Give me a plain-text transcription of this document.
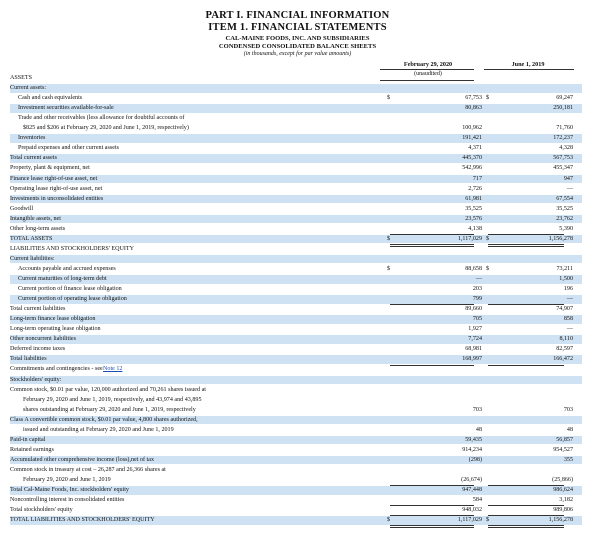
PART I. FINANCIAL INFORMATION
ITEM 1. FINANCIAL STATEMENTS
CAL-MAINE FOODS, INC. AND SUBSIDIARIES
CONDENSED CONSOLIDATED BALANCE SHEETS
(in thousands, except for par value amounts)
February 29, 2020
(unaudited)
June 1, 2019
ASSETS
Current assets:
Cash and cash equivalents	$	67,753 $	69,247
Investment securities available-for-sale	80,863	250,181
Trade and other receivables (less allowance for doubtful accounts of
$825 and $206 at February 29, 2020 and June 1, 2019, respectively)	100,962	71,760
Inventories	191,421	172,237
Prepaid expenses and other current assets	4,371	4,328
Total current assets	445,370	567,753
Property, plant & equipment, net	542,996	455,347
Finance lease right-of-use asset, net	717	947
Operating lease right-of-use asset, net	2,726	—
Investments in unconsolidated entities	61,981	67,554
Goodwill	35,525	35,525
Intangible assets, net	23,576	23,762
Other long-term assets	4,138	5,390
TOTAL ASSETS	$	1,117,029 $	1,156,278
LIABILITIES AND STOCKHOLDERS' EQUITY
Current liabilities:
Accounts payable and accrued expenses	$	88,658 $	73,211
Current maturities of long-term debt	—	1,500
Current portion of finance lease obligation	203	196
Current portion of operating lease obligation	799	—
Total current liabilities	89,660	74,907
Long-term finance lease obligation	705	858
Long-term operating lease obligation	1,927	—
Other noncurrent liabilities	7,724	8,110
Deferred income taxes	68,981	82,597
Total liabilities	168,997	166,472
Commitments and contingencies - see Note 12
Stockholders' equity:
Common stock, $0.01 par value, 120,000 authorized and 70,261 shares issued at
February 29, 2020 and June 1, 2019, respectively, and 43,974 and 43,895
shares outstanding at February 29, 2020 and June 1, 2019, respectively	703	703
Class A convertible common stock, $0.01 par value, 4,800 shares authorized,
issued and outstanding at February 29, 2020 and June 1, 2019	48	48
Paid-in capital	59,435	56,857
Retained earnings	914,234	954,527
Accumulated other comprehensive income (loss),net of tax	(298)	355
Common stock in treasury at cost – 26,287 and 26,366 shares at
February 29, 2020 and June 1, 2019	(26,674)	(25,866)
Total Cal-Maine Foods, Inc. stockholders' equity	947,448	986,624
Noncontrolling interest in consolidated entities	584	3,182
Total stockholders' equity	948,032	989,806
TOTAL LIABILITIES AND STOCKHOLDERS' EQUITY	$	1,117,029 $	1,156,278
